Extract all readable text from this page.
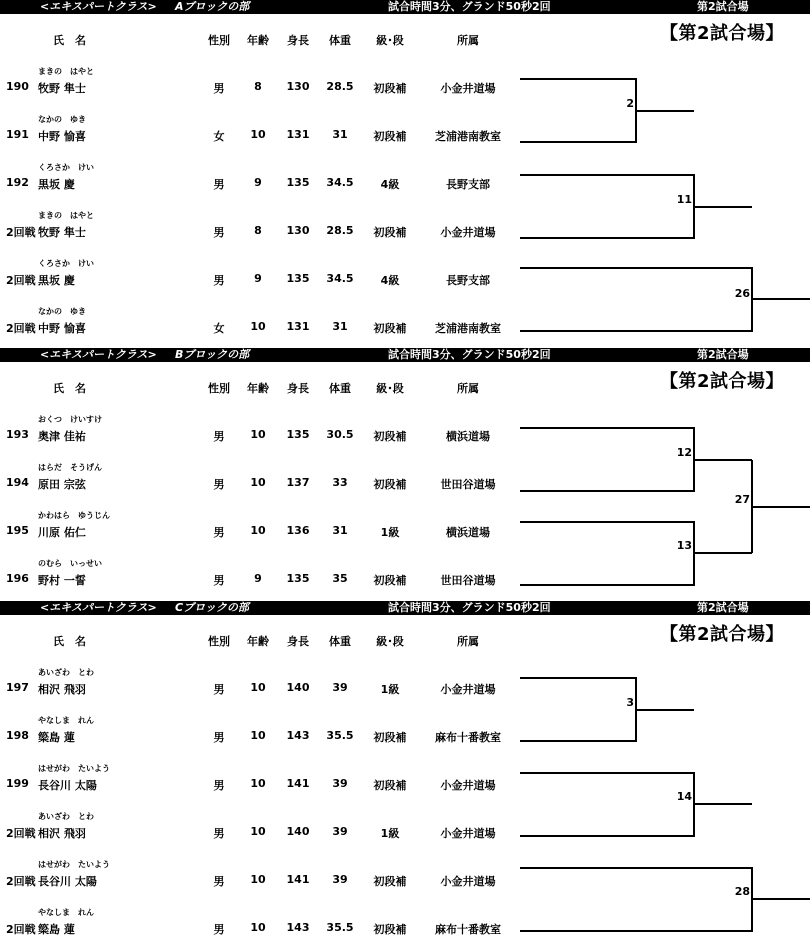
<エキスパートクラス> Aブロックの部	試合時間3分、グランド50秒2回	第2試合場
【第2試合場】
氏　名	性別 年齢 身長 体重 級･段	所属
まきの　はやと
190 牧野 隼士	男	8 130 28.5 初段補	小金井道場
なかの　ゆき
191 中野 愉喜	女 10 131 31 初段補	芝浦港南教室
くろさか　けい
192 黒坂 慶	男	9 135 34.5 4級	長野支部
まきの　はやと
2回戦 牧野 隼士	男	8 130 28.5 初段補	小金井道場
くろさか　けい
2回戦 黒坂 慶	男	9 135 34.5 4級	長野支部
なかの　ゆき
2回戦 中野 愉喜	女 10 131 31 初段補	芝浦港南教室
<エキスパートクラス> Bブロックの部	試合時間3分、グランド50秒2回	第2試合場
【第2試合場】
氏　名	性別 年齢 身長 体重 級･段	所属
おくつ　けいすけ
193 奥津 佳祐	男 10 135 30.5 初段補	横浜道場
はらだ　そうげん
194 原田 宗弦	男 10 137 33 初段補	世田谷道場
かわはら　ゆうじん
195 川原 佑仁	男 10 136 31	1級	横浜道場
のむら　いっせい
196 野村 一誓	男	9 135 35 初段補	世田谷道場
<エキスパートクラス> Cブロックの部	試合時間3分、グランド50秒2回	第2試合場
【第2試合場】
氏　名	性別 年齢 身長 体重 級･段	所属
あいざわ　とわ
197 相沢 飛羽	男 10 140 39	1級	小金井道場
やなしま　れん
198 簗島 蓮	男 10 143 35.5 初段補	麻布十番教室
はせがわ　たいよう
199 長谷川 太陽	男 10 141 39 初段補	小金井道場
あいざわ　とわ
2回戦 相沢 飛羽	男 10 140 39	1級	小金井道場
はせがわ　たいよう
2回戦 長谷川 太陽	男 10 141 39 初段補	小金井道場
やなしま　れん
2回戦 簗島 蓮	男 10 143 35.5 初段補	麻布十番教室
2
11
26
12
13
27
3
14
28
